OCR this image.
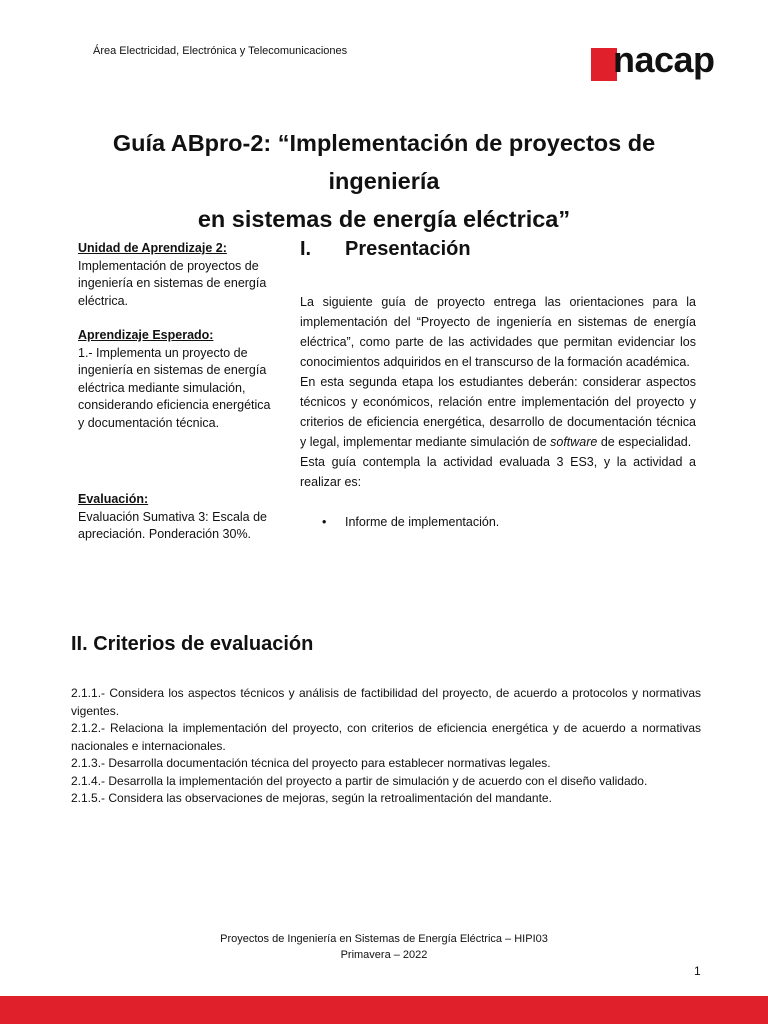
Área Electricidad, Electrónica y Telecomunicaciones	nacap
Guía ABpro-2: “Implementación de proyectos de ingeniería
en sistemas de energía eléctrica”
Unidad de Aprendizaje 2:
Implementación de proyectos de ingeniería en sistemas de energía eléctrica.
Aprendizaje Esperado:
1.- Implementa un proyecto de ingeniería en sistemas de energía eléctrica mediante simulación, considerando eficiencia energética y documentación técnica.
Evaluación:
Evaluación Sumativa 3: Escala de apreciación. Ponderación 30%.
I. Presentación

La siguiente guía de proyecto entrega las orientaciones para la implementación del “Proyecto de ingeniería en sistemas de energía eléctrica”, como parte de las actividades que permitan evidenciar los conocimientos adquiridos en el transcurso de la formación académica.

En esta segunda etapa los estudiantes deberán: considerar aspectos técnicos y económicos, relación entre implementación del proyecto y criterios de eficiencia energética, desarrollo de documentación técnica y legal, implementar mediante simulación de software de especialidad.

Esta guía contempla la actividad evaluada 3 ES3, y la actividad a realizar es:

• Informe de implementación.
II. Criterios de evaluación

2.1.1.- Considera los aspectos técnicos y análisis de factibilidad del proyecto, de acuerdo a protocolos y normativas vigentes.

2.1.2.- Relaciona la implementación del proyecto, con criterios de eficiencia energética y de acuerdo a normativas nacionales e internacionales.

2.1.3.- Desarrolla documentación técnica del proyecto para establecer normativas legales.

2.1.4.- Desarrolla la implementación del proyecto a partir de simulación y de acuerdo con el diseño validado.

2.1.5.- Considera las observaciones de mejoras, según la retroalimentación del mandante.

Proyectos de Ingeniería en Sistemas de Energía Eléctrica – HIPI03
Primavera – 2022
1
